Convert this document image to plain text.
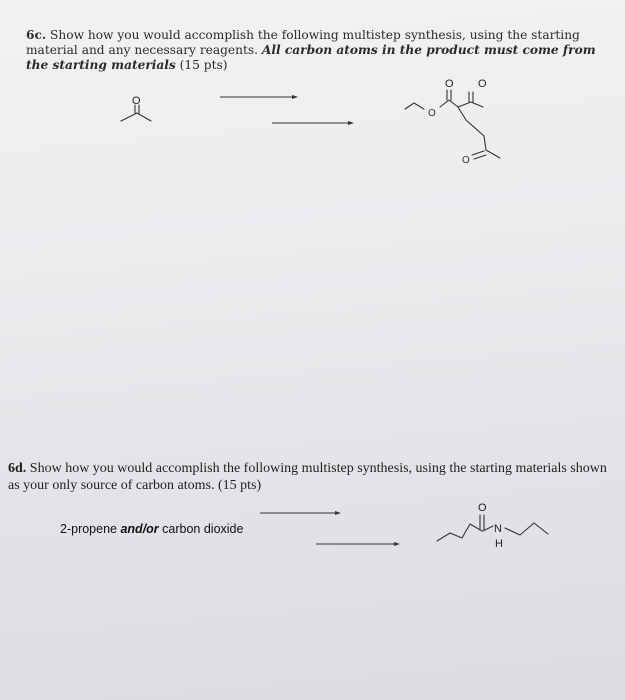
6c. Show how you would accomplish the following multistep synthesis, using the starting material and any necessary reagents. All carbon atoms in the product must come from the starting materials (15 pts)
O
O
O O
O
6d. Show how you would accomplish the following multistep synthesis, using the starting materials shown as your only source of carbon atoms. (15 pts)
2-propene and/or carbon dioxide
O
N
H
